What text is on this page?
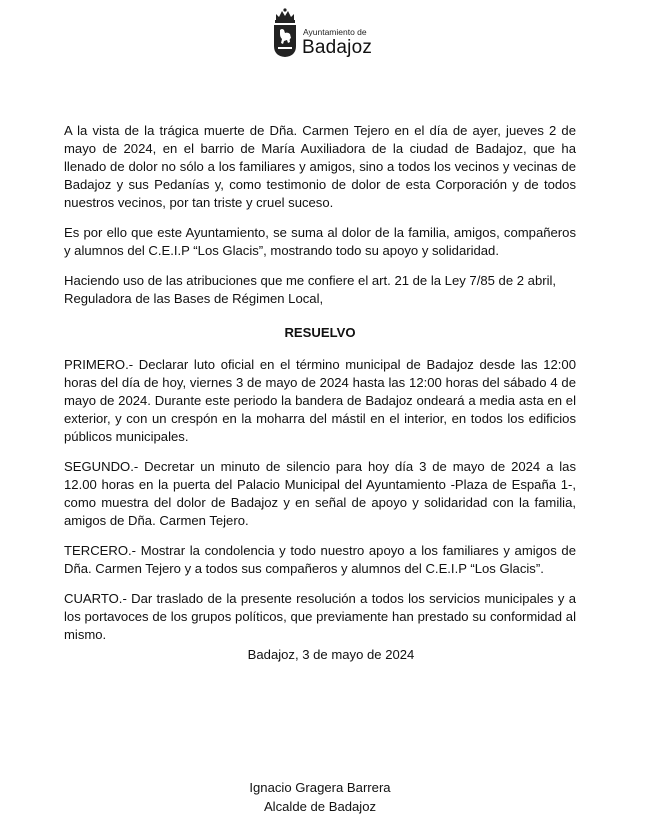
Ayuntamiento de
Badajoz

A la vista de la trágica muerte de Dña. Carmen Tejero en el día de ayer, jueves 2 de mayo de 2024, en el barrio de María Auxiliadora de la ciudad de Badajoz, que ha llenado de dolor no sólo a los familiares y amigos, sino a todos los vecinos y vecinas de Badajoz y sus Pedanías y, como testimonio de dolor de esta Corporación y de todos nuestros vecinos, por tan triste y cruel suceso.

Es por ello que este Ayuntamiento, se suma al dolor de la familia, amigos, compañeros y alumnos del C.E.I.P “Los Glacis”, mostrando todo su apoyo y solidaridad.

Haciendo uso de las atribuciones que me confiere el art. 21 de la Ley 7/85 de 2 abril, Reguladora de las Bases de Régimen Local,

RESUELVO

PRIMERO.- Declarar luto oficial en el término municipal de Badajoz desde las 12:00 horas del día de hoy, viernes 3 de mayo de 2024 hasta las 12:00 horas del sábado 4 de mayo de 2024. Durante este periodo la bandera de Badajoz ondeará a media asta en el exterior, y con un crespón en la moharra del mástil en el interior, en todos los edificios públicos municipales.

SEGUNDO.- Decretar un minuto de silencio para hoy día 3 de mayo de 2024 a las 12.00 horas en la puerta del Palacio Municipal del Ayuntamiento -Plaza de España 1-, como muestra del dolor de Badajoz y en señal de apoyo y solidaridad con la familia, amigos de Dña. Carmen Tejero.

TERCERO.- Mostrar la condolencia y todo nuestro apoyo a los familiares y amigos de Dña. Carmen Tejero y a todos sus compañeros y alumnos del C.E.I.P “Los Glacis”.

CUARTO.- Dar traslado de la presente resolución a todos los servicios municipales y a los portavoces de los grupos políticos, que previamente han prestado su conformidad al mismo.

Badajoz, 3 de mayo de 2024
Ignacio Gragera Barrera
Alcalde de Badajoz
